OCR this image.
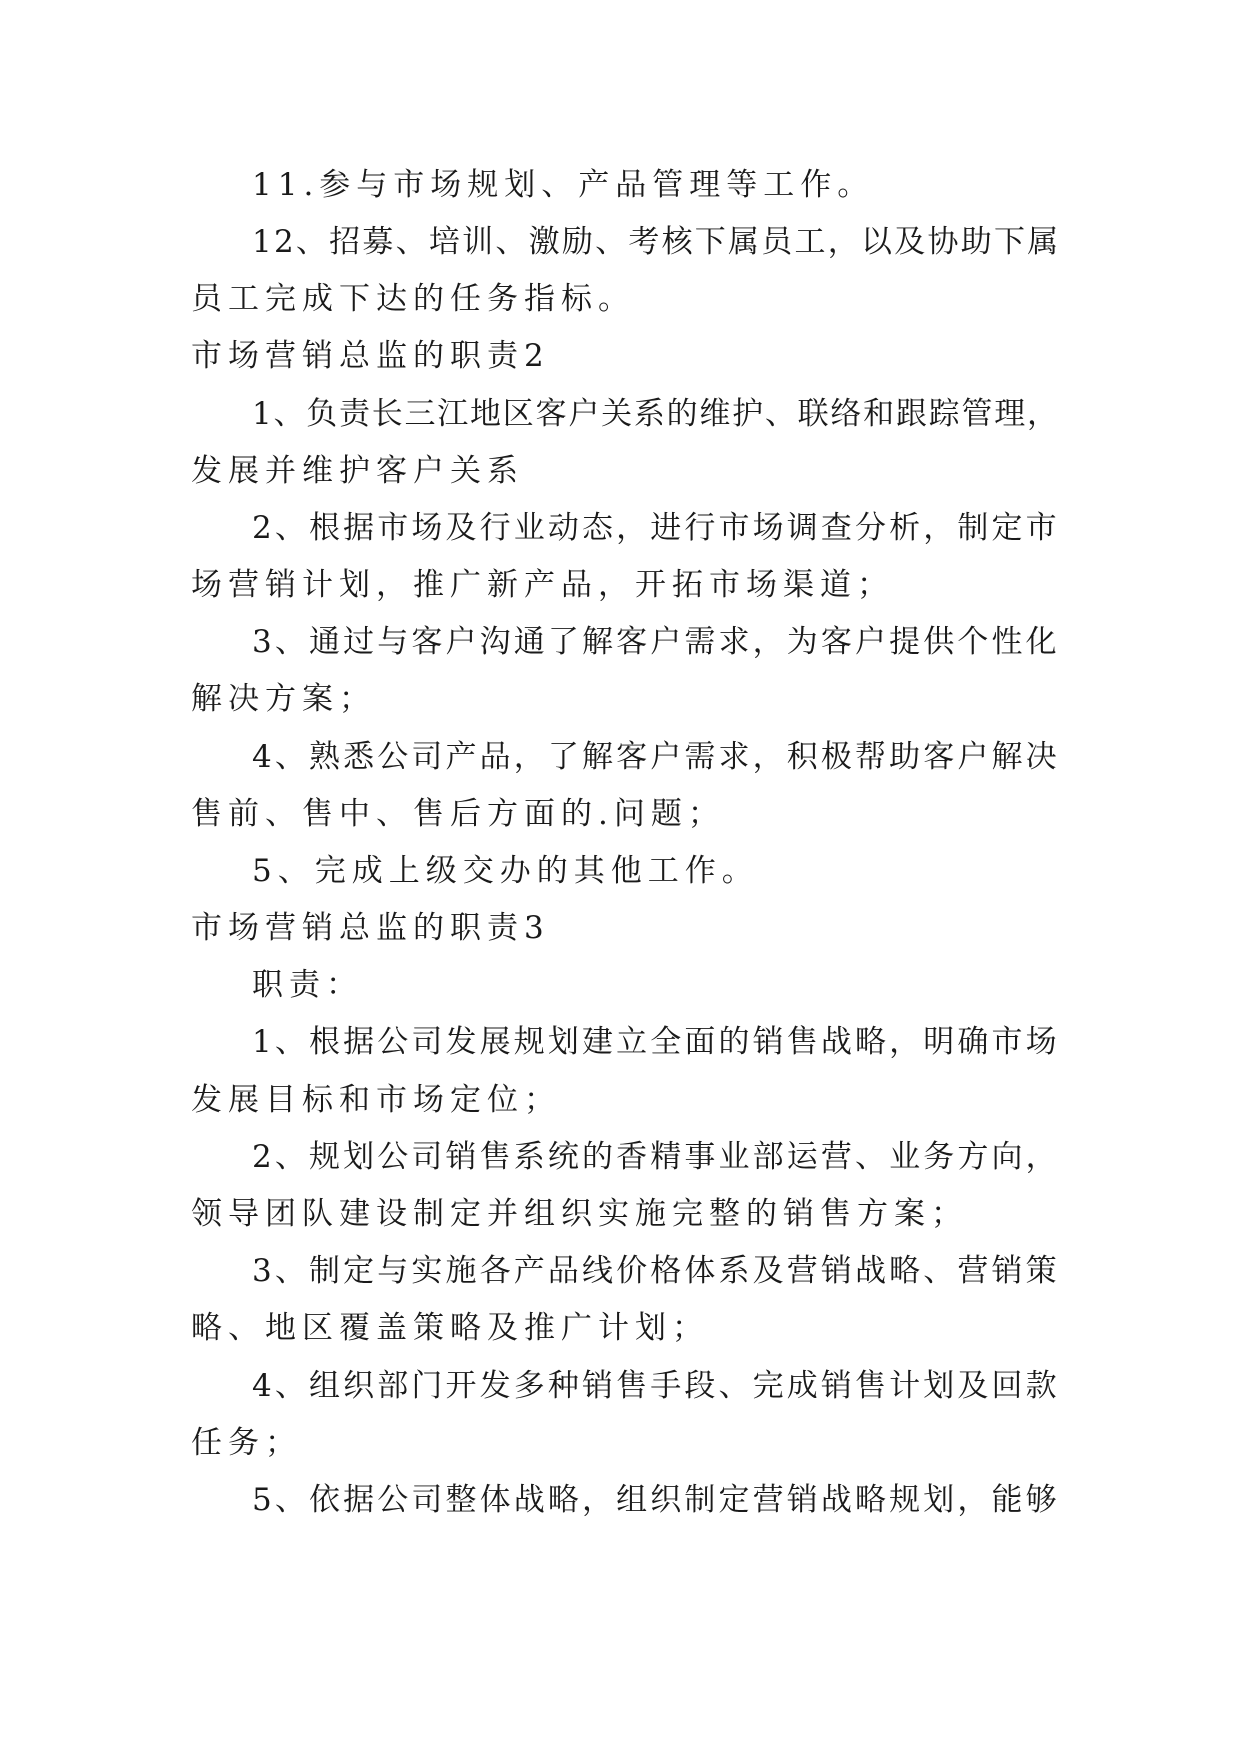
11.参与市场规划、产品管理等工作。
12、招募、培训、激励、考核下属员工，以及协助下属
员工完成下达的任务指标。
市场营销总监的职责2
1、负责长三江地区客户关系的维护、联络和跟踪管理，
发展并维护客户关系
2、根据市场及行业动态，进行市场调查分析，制定市
场营销计划，推广新产品，开拓市场渠道；
3、通过与客户沟通了解客户需求，为客户提供个性化
解决方案；
4、熟悉公司产品，了解客户需求，积极帮助客户解决
售前、售中、售后方面的.问题；
5、完成上级交办的其他工作。
市场营销总监的职责3
职责：
1、根据公司发展规划建立全面的销售战略，明确市场
发展目标和市场定位；
2、规划公司销售系统的香精事业部运营、业务方向，
领导团队建设制定并组织实施完整的销售方案；
3、制定与实施各产品线价格体系及营销战略、营销策
略、地区覆盖策略及推广计划；
4、组织部门开发多种销售手段、完成销售计划及回款
任务；
5、依据公司整体战略，组织制定营销战略规划，能够
